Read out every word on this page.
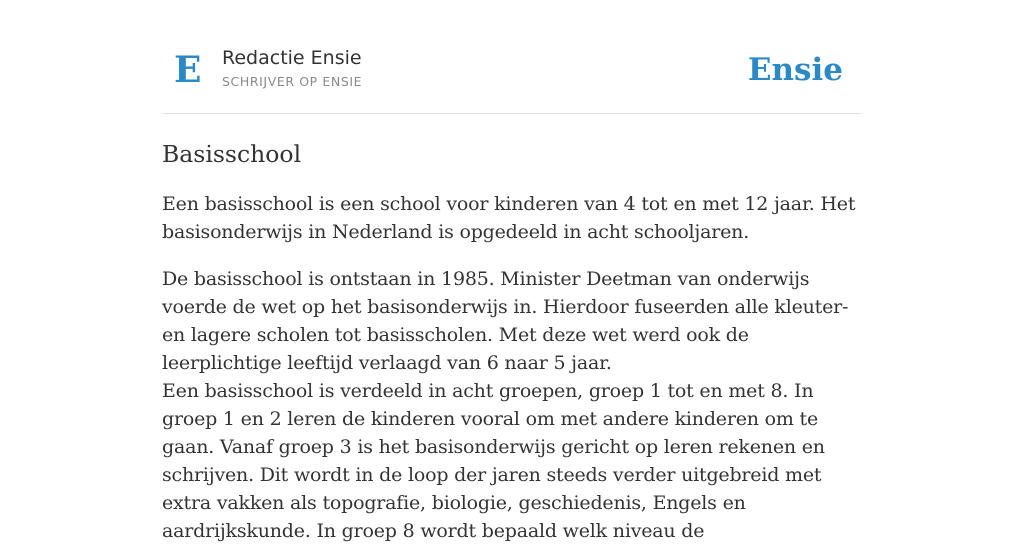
E Redactie Ensie
SCHRIJVER OP ENSIE	Ensie
Basisschool

Een basisschool is een school voor kinderen van 4 tot en met 12 jaar. Het basisonderwijs in Nederland is opgedeeld in acht schooljaren.

De basisschool is ontstaan in 1985. Minister Deetman van onderwijs voerde de wet op het basisonderwijs in. Hierdoor fuseerden alle kleuter- en lagere scholen tot basisscholen. Met deze wet werd ook de leerplichtige leeftijd verlaagd van 6 naar 5 jaar.

Een basisschool is verdeeld in acht groepen, groep 1 tot en met 8. In groep 1 en 2 leren de kinderen vooral om met andere kinderen om te gaan. Vanaf groep 3 is het basisonderwijs gericht op leren rekenen en schrijven. Dit wordt in de loop der jaren steeds verder uitgebreid met extra vakken als topografie, biologie, geschiedenis, Engels en aardrijkskunde. In groep 8 wordt bepaald welk niveau de
